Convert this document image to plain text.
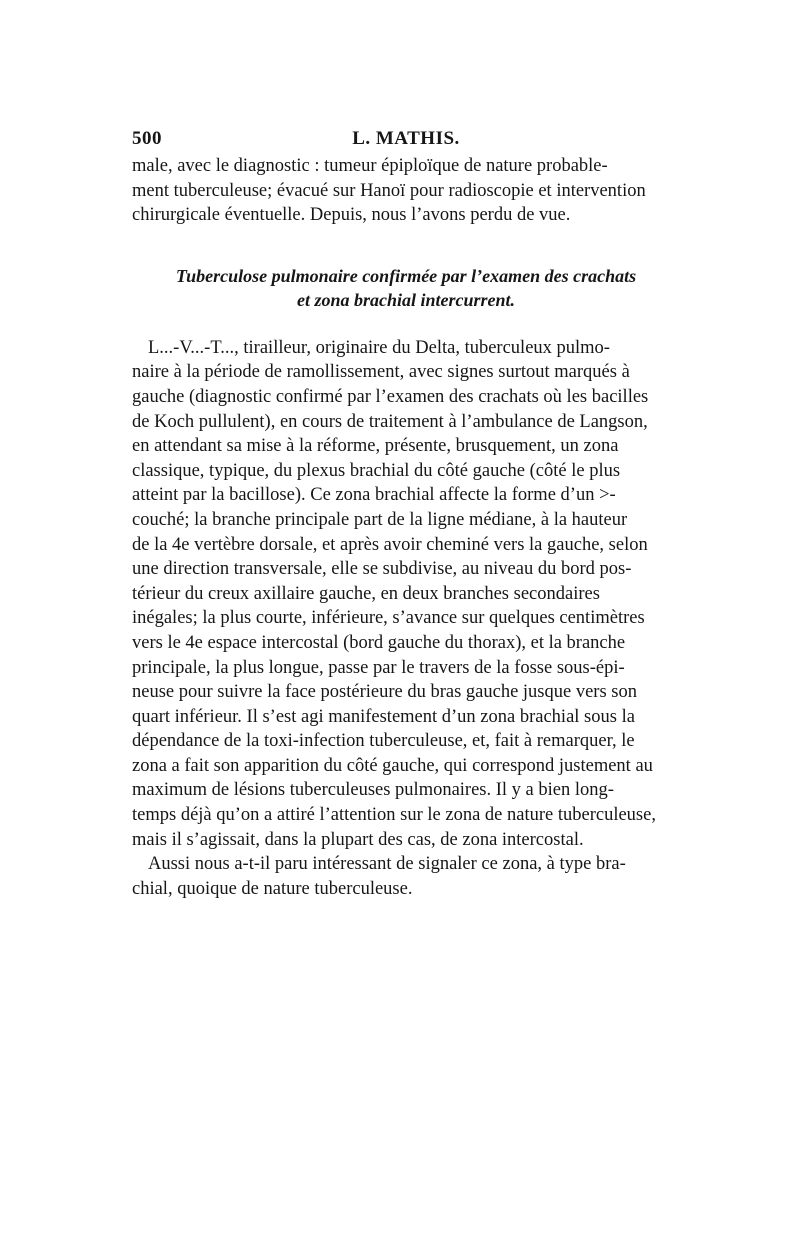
500	L. MATHIS.

male, avec le diagnostic : tumeur épiploïque de nature probable-
ment tuberculeuse; évacué sur Hanoï pour radioscopie et intervention
chirurgicale éventuelle. Depuis, nous l’avons perdu de vue.

Tuberculose pulmonaire confirmée par l’examen des crachats
et zona brachial intercurrent.

L...-V...-T..., tirailleur, originaire du Delta, tuberculeux pulmo-
naire à la période de ramollissement, avec signes surtout marqués à
gauche (diagnostic confirmé par l’examen des crachats où les bacilles
de Koch pullulent), en cours de traitement à l’ambulance de Langson,
en attendant sa mise à la réforme, présente, brusquement, un zona
classique, typique, du plexus brachial du côté gauche (côté le plus
atteint par la bacillose). Ce zona brachial affecte la forme d’un >-
couché; la branche principale part de la ligne médiane, à la hauteur
de la 4e vertèbre dorsale, et après avoir cheminé vers la gauche, selon
une direction transversale, elle se subdivise, au niveau du bord pos-
térieur du creux axillaire gauche, en deux branches secondaires
inégales; la plus courte, inférieure, s’avance sur quelques centimètres
vers le 4e espace intercostal (bord gauche du thorax), et la branche
principale, la plus longue, passe par le travers de la fosse sous-épi-
neuse pour suivre la face postérieure du bras gauche jusque vers son
quart inférieur. Il s’est agi manifestement d’un zona brachial sous la
dépendance de la toxi-infection tuberculeuse, et, fait à remarquer, le
zona a fait son apparition du côté gauche, qui correspond justement au
maximum de lésions tuberculeuses pulmonaires. Il y a bien long-
temps déjà qu’on a attiré l’attention sur le zona de nature tuberculeuse,
mais il s’agissait, dans la plupart des cas, de zona intercostal.

Aussi nous a-t-il paru intéressant de signaler ce zona, à type bra-
chial, quoique de nature tuberculeuse.
